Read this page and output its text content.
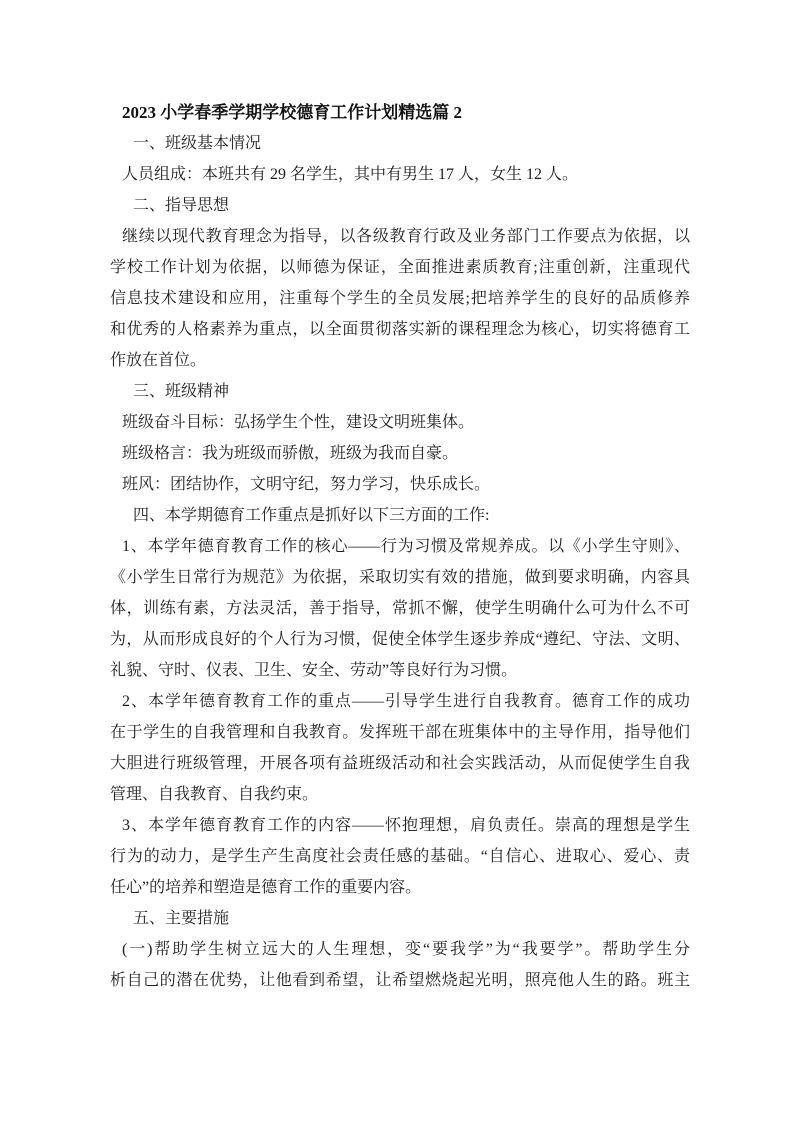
2023 小学春季学期学校德育工作计划精选篇 2
一、班级基本情况
人员组成：本班共有 29 名学生，其中有男生 17 人，女生 12 人。
二、指导思想
继续以现代教育理念为指导，以各级教育行政及业务部门工作要点为依据，以
学校工作计划为依据，以师德为保证，全面推进素质教育;注重创新，注重现代
信息技术建设和应用，注重每个学生的全员发展;把培养学生的良好的品质修养
和优秀的人格素养为重点，以全面贯彻落实新的课程理念为核心，切实将德育工
作放在首位。
三、班级精神
班级奋斗目标：弘扬学生个性，建设文明班集体。
班级格言：我为班级而骄傲，班级为我而自豪。
班风：团结协作，文明守纪，努力学习，快乐成长。
四、本学期德育工作重点是抓好以下三方面的工作:
1、本学年德育教育工作的核心——行为习惯及常规养成。以《小学生守则》、
《小学生日常行为规范》为依据，采取切实有效的措施，做到要求明确，内容具
体，训练有素，方法灵活，善于指导，常抓不懈，使学生明确什么可为什么不可
为，从而形成良好的个人行为习惯，促使全体学生逐步养成“遵纪、守法、文明、
礼貌、守时、仪表、卫生、安全、劳动”等良好行为习惯。
2、本学年德育教育工作的重点——引导学生进行自我教育。德育工作的成功
在于学生的自我管理和自我教育。发挥班干部在班集体中的主导作用，指导他们
大胆进行班级管理，开展各项有益班级活动和社会实践活动，从而促使学生自我
管理、自我教育、自我约束。
3、本学年德育教育工作的内容——怀抱理想，肩负责任。崇高的理想是学生
行为的动力，是学生产生高度社会责任感的基础。“自信心、进取心、爱心、责
任心”的培养和塑造是德育工作的重要内容。
五、主要措施
(一)帮助学生树立远大的人生理想，变“要我学”为“我要学”。帮助学生分
析自己的潜在优势，让他看到希望，让希望燃烧起光明，照亮他人生的路。班主
